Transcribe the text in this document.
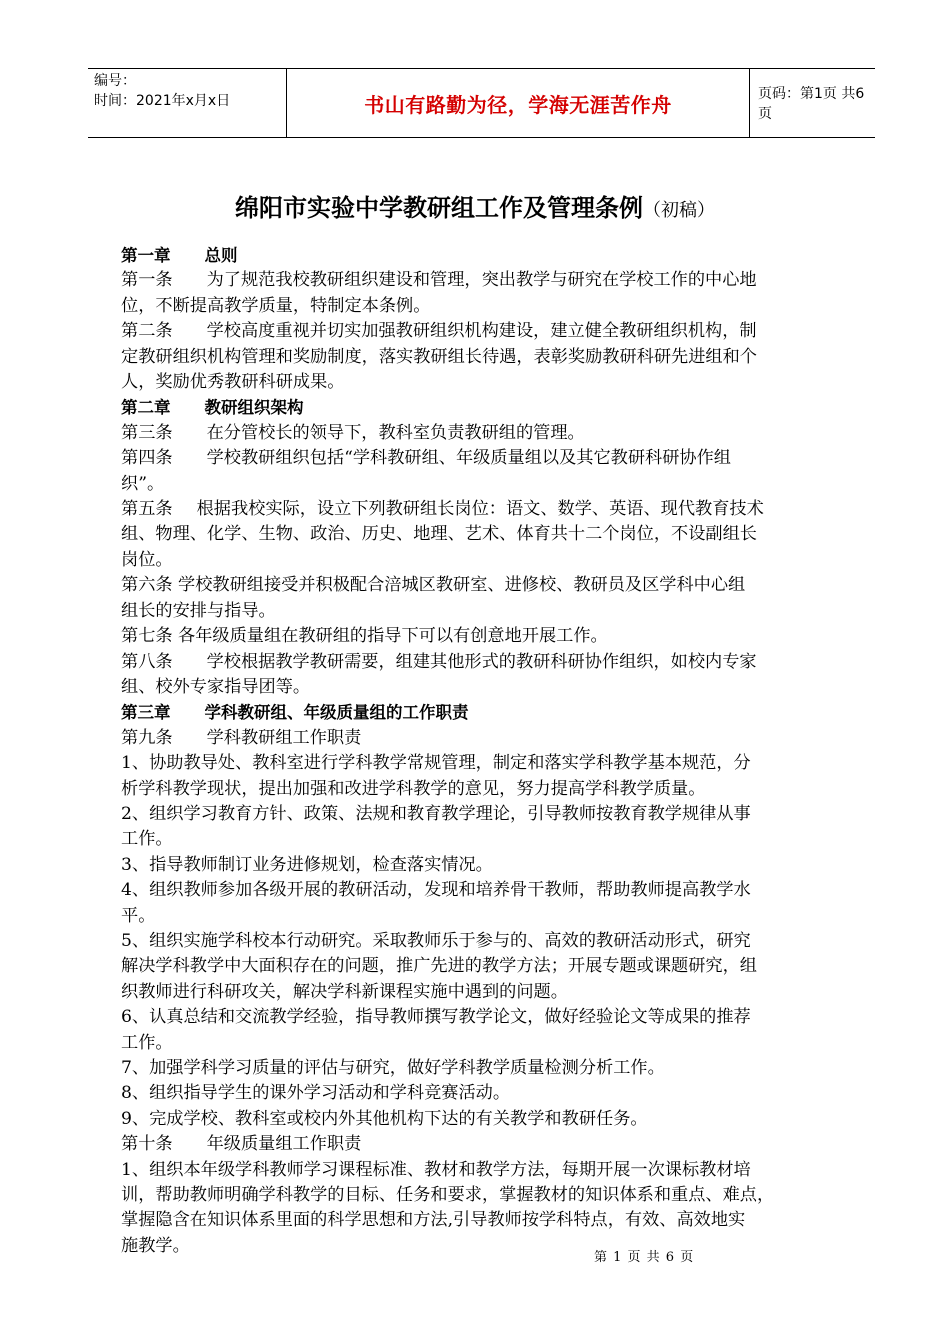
编号：
时间：2021年x月x日	书山有路勤为径，学海无涯苦作舟	页码：第1页 共6页
绵阳市实验中学教研组工作及管理条例（初稿）

第一章 总则

第一条 为了规范我校教研组织建设和管理，突出教学与研究在学校工作的中心地

位，不断提高教学质量，特制定本条例。

第二条 学校高度重视并切实加强教研组织机构建设，建立健全教研组织机构，制

定教研组织机构管理和奖励制度，落实教研组长待遇，表彰奖励教研科研先进组和个

人，奖励优秀教研科研成果。

第二章 教研组织架构

第三条 在分管校长的领导下，教科室负责教研组的管理。

第四条 学校教研组织包括“学科教研组、年级质量组以及其它教研科研协作组

织”。

第五条 根据我校实际，设立下列教研组长岗位：语文、数学、英语、现代教育技术

组、物理、化学、生物、政治、历史、地理、艺术、体育共十二个岗位，不设副组长

岗位。

第六条 学校教研组接受并积极配合涪城区教研室、进修校、教研员及区学科中心组

组长的安排与指导。

第七条 各年级质量组在教研组的指导下可以有创意地开展工作。

第八条 学校根据教学教研需要，组建其他形式的教研科研协作组织，如校内专家

组、校外专家指导团等。

第三章 学科教研组、年级质量组的工作职责

第九条 学科教研组工作职责

1、协助教导处、教科室进行学科教学常规管理，制定和落实学科教学基本规范，分

析学科教学现状，提出加强和改进学科教学的意见，努力提高学科教学质量。

2、组织学习教育方针、政策、法规和教育教学理论，引导教师按教育教学规律从事

工作。

3、指导教师制订业务进修规划，检查落实情况。

4、组织教师参加各级开展的教研活动，发现和培养骨干教师，帮助教师提高教学水

平。

5、组织实施学科校本行动研究。采取教师乐于参与的、高效的教研活动形式，研究

解决学科教学中大面积存在的问题，推广先进的教学方法；开展专题或课题研究，组

织教师进行科研攻关，解决学科新课程实施中遇到的问题。

6、认真总结和交流教学经验，指导教师撰写教学论文，做好经验论文等成果的推荐

工作。

7、加强学科学习质量的评估与研究，做好学科教学质量检测分析工作。

8、组织指导学生的课外学习活动和学科竞赛活动。

9、完成学校、教科室或校内外其他机构下达的有关教学和教研任务。

第十条 年级质量组工作职责

1、组织本年级学科教师学习课程标准、教材和教学方法，每期开展一次课标教材培

训，帮助教师明确学科教学的目标、任务和要求，掌握教材的知识体系和重点、难点，

掌握隐含在知识体系里面的科学思想和方法,引导教师按学科特点，有效、高效地实

施教学。

第 1 页 共 6 页
